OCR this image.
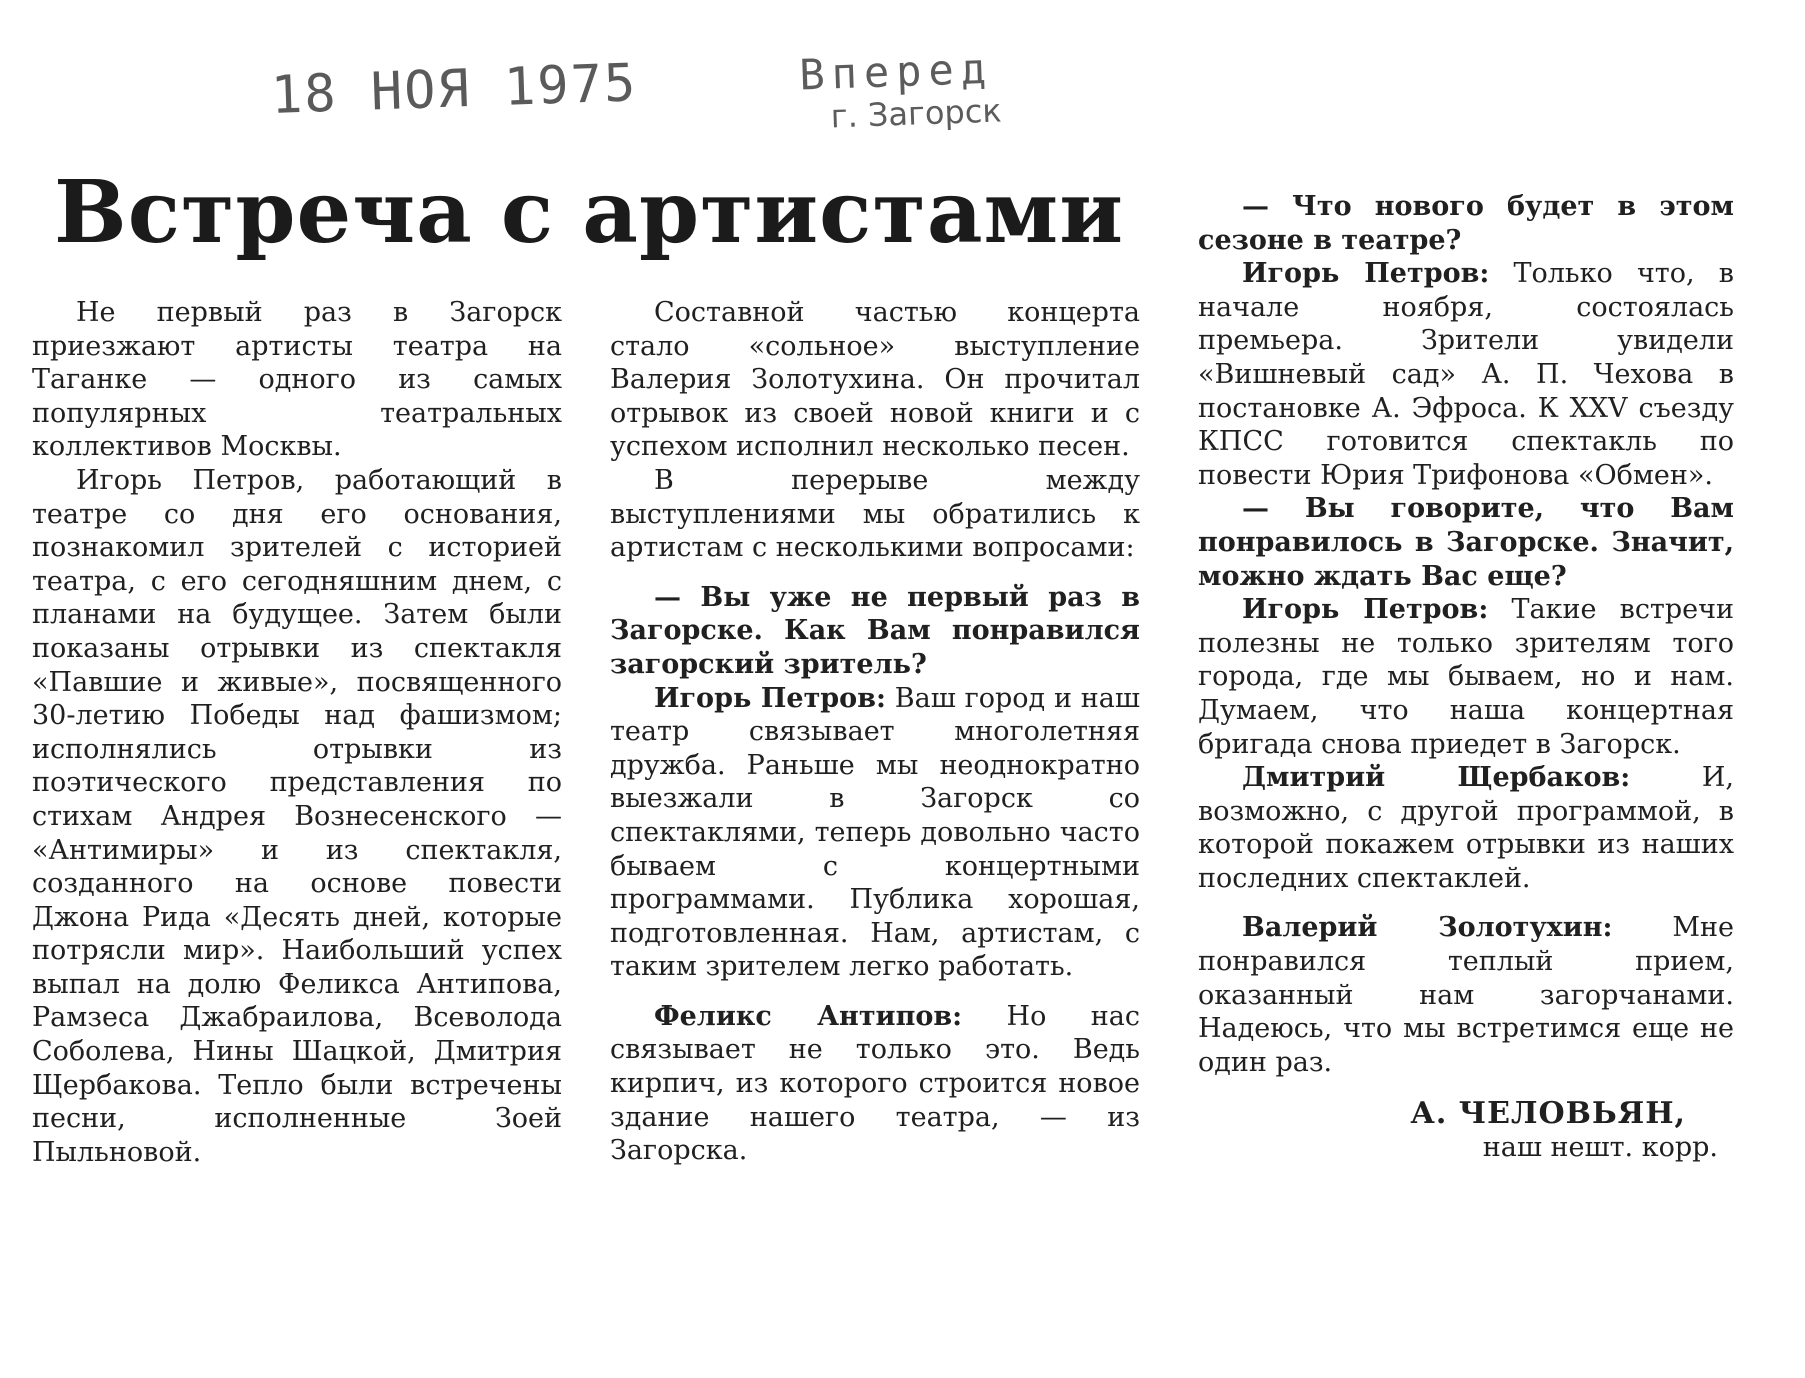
18 НОЯ 1975	Вперед
г. Загорск
Встреча с артистами

Не первый раз в Загорск приезжают артисты театра на Таганке — одного из самых популярных театральных коллективов Москвы.

Игорь Петров, работающий в театре со дня его основания, познакомил зрителей с историей театра, с его сегодняшним днем, с планами на будущее. Затем были показаны отрывки из спектакля «Павшие и живые», посвященного 30-летию Победы над фашизмом; исполнялись отрывки из поэтического представления по стихам Андрея Вознесенского — «Антимиры» и из спектакля, созданного на основе повести Джона Рида «Десять дней, которые потрясли мир». Наибольший успех выпал на долю Феликса Антипова, Рамзеса Джабраилова, Всеволода Соболева, Нины Шацкой, Дмитрия Щербакова. Тепло были встречены песни, исполненные Зоей Пыльновой.

Составной частью концерта стало «сольное» выступление Валерия Золотухина. Он прочитал отрывок из своей новой книги и с успехом исполнил несколько песен.

В перерыве между выступлениями мы обратились к артистам с несколькими вопросами:

— Вы уже не первый раз в Загорске. Как Вам понравился загорский зритель?

Игорь Петров: Ваш город и наш театр связывает многолетняя дружба. Раньше мы неоднократно выезжали в Загорск со спектаклями, теперь довольно часто бываем с концертными программами. Публика хорошая, подготовленная. Нам, артистам, с таким зрителем легко работать.

Феликс Антипов: Но нас связывает не только это. Ведь кирпич, из которого строится новое здание нашего театра, — из Загорска.

— Что нового будет в этом сезоне в театре?

Игорь Петров: Только что, в начале ноября, состоялась премьера. Зрители увидели «Вишневый сад» А. П. Чехова в постановке А. Эфроса. К XXV съезду КПСС готовится спектакль по повести Юрия Трифонова «Обмен».

— Вы говорите, что Вам понравилось в Загорске. Значит, можно ждать Вас еще?

Игорь Петров: Такие встречи полезны не только зрителям того города, где мы бываем, но и нам. Думаем, что наша концертная бригада снова приедет в Загорск.

Дмитрий Щербаков: И, возможно, с другой программой, в которой покажем отрывки из наших последних спектаклей.

Валерий Золотухин: Мне понравился теплый прием, оказанный нам загорчанами. Надеюсь, что мы встретимся еще не один раз.

А. ЧЕЛОВЬЯН,
наш нешт. корр.
